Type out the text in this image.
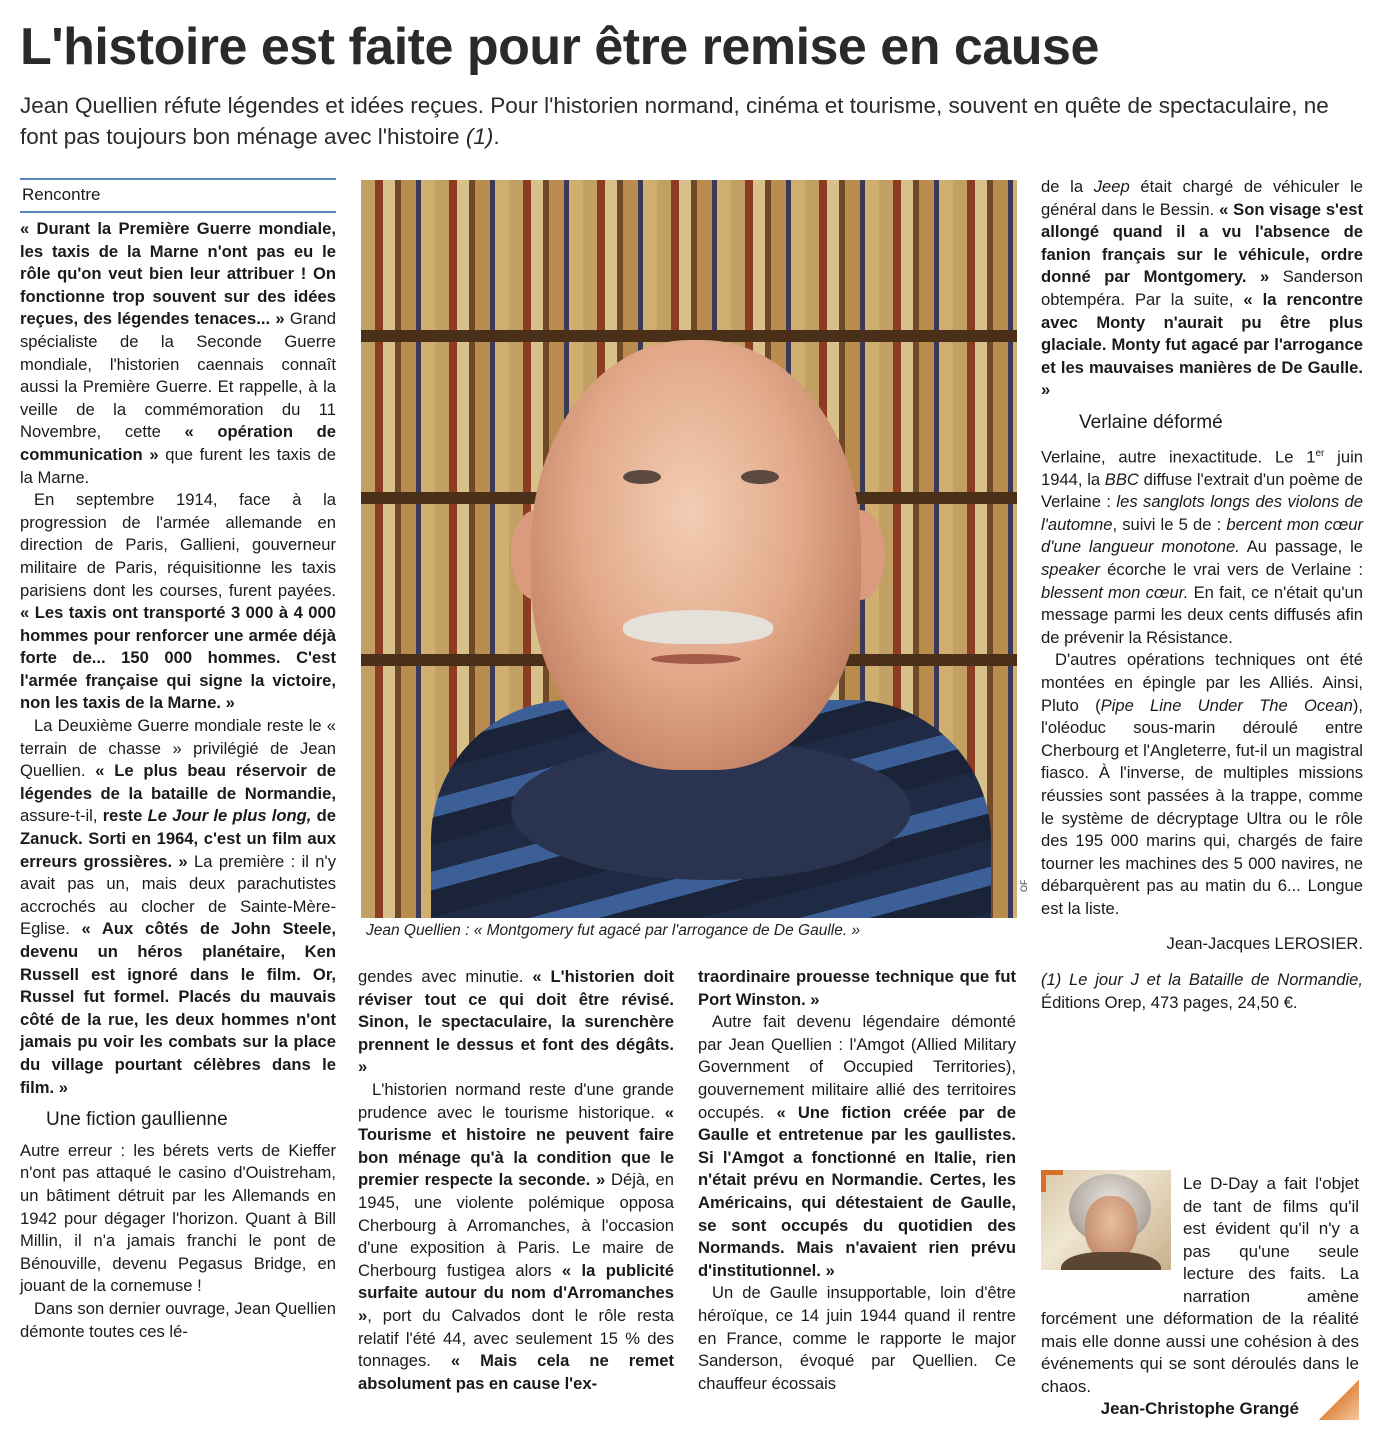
L'histoire est faite pour être remise en cause

Jean Quellien réfute légendes et idées reçues. Pour l'historien normand, cinéma et tourisme, souvent en quête de spectaculaire, ne font pas toujours bon ménage avec l'histoire (1).

Rencontre

« Durant la Première Guerre mondiale, les taxis de la Marne n'ont pas eu le rôle qu'on veut bien leur attribuer ! On fonctionne trop souvent sur des idées reçues, des légendes tenaces... » Grand spécialiste de la Seconde Guerre mondiale, l'historien caennais connaît aussi la Première Guerre. Et rappelle, à la veille de la commémoration du 11 Novembre, cette « opération de communication » que furent les taxis de la Marne.

En septembre 1914, face à la progression de l'armée allemande en direction de Paris, Gallieni, gouverneur militaire de Paris, réquisitionne les taxis parisiens dont les courses, furent payées. « Les taxis ont transporté 3 000 à 4 000 hommes pour renforcer une armée déjà forte de... 150 000 hommes. C'est l'armée française qui signe la victoire, non les taxis de la Marne. »

La Deuxième Guerre mondiale reste le « terrain de chasse » privilégié de Jean Quellien. « Le plus beau réservoir de légendes de la bataille de Normandie, assure-t-il, reste Le Jour le plus long, de Zanuck. Sorti en 1964, c'est un film aux erreurs grossières. » La première : il n'y avait pas un, mais deux parachutistes accrochés au clocher de Sainte-Mère-Eglise. « Aux côtés de John Steele, devenu un héros planétaire, Ken Russell est ignoré dans le film. Or, Russel fut formel. Placés du mauvais côté de la rue, les deux hommes n'ont jamais pu voir les combats sur la place du village pourtant célèbres dans le film. »

Une fiction gaullienne

Autre erreur : les bérets verts de Kieffer n'ont pas attaqué le casino d'Ouistreham, un bâtiment détruit par les Allemands en 1942 pour dégager l'horizon. Quant à Bill Millin, il n'a jamais franchi le pont de Bénouville, devenu Pegasus Bridge, en jouant de la cornemuse !

Dans son dernier ouvrage, Jean Quellien démonte toutes ces lé-

OF

Jean Quellien : « Montgomery fut agacé par l'arrogance de De Gaulle. »

gendes avec minutie. « L'historien doit réviser tout ce qui doit être révisé. Sinon, le spectaculaire, la surenchère prennent le dessus et font des dégâts. »

L'historien normand reste d'une grande prudence avec le tourisme historique. « Tourisme et histoire ne peuvent faire bon ménage qu'à la condition que le premier respecte la seconde. » Déjà, en 1945, une violente polémique opposa Cherbourg à Arromanches, à l'occasion d'une exposition à Paris. Le maire de Cherbourg fustigea alors « la publicité surfaite autour du nom d'Arromanches », port du Calvados dont le rôle resta relatif l'été 44, avec seulement 15 % des tonnages. « Mais cela ne remet absolument pas en cause l'ex-

traordinaire prouesse technique que fut Port Winston. »

Autre fait devenu légendaire démonté par Jean Quellien : l'Amgot (Allied Military Government of Occupied Territories), gouvernement militaire allié des territoires occupés. « Une fiction créée par de Gaulle et entretenue par les gaullistes. Si l'Amgot a fonctionné en Italie, rien n'était prévu en Normandie. Certes, les Américains, qui détestaient de Gaulle, se sont occupés du quotidien des Normands. Mais n'avaient rien prévu d'institutionnel. »

Un de Gaulle insupportable, loin d'être héroïque, ce 14 juin 1944 quand il rentre en France, comme le rapporte le major Sanderson, évoqué par Quellien. Ce chauffeur écossais

de la Jeep était chargé de véhiculer le général dans le Bessin. « Son visage s'est allongé quand il a vu l'absence de fanion français sur le véhicule, ordre donné par Montgomery. » Sanderson obtempéra. Par la suite, « la rencontre avec Monty n'aurait pu être plus glaciale. Monty fut agacé par l'arrogance et les mauvaises manières de De Gaulle. »

Verlaine déformé

Verlaine, autre inexactitude. Le 1er juin 1944, la BBC diffuse l'extrait d'un poème de Verlaine : les sanglots longs des violons de l'automne, suivi le 5 de : bercent mon cœur d'une langueur monotone. Au passage, le speaker écorche le vrai vers de Verlaine : blessent mon cœur. En fait, ce n'était qu'un message parmi les deux cents diffusés afin de prévenir la Résistance.

D'autres opérations techniques ont été montées en épingle par les Alliés. Ainsi, Pluto (Pipe Line Under The Ocean), l'oléoduc sous-marin déroulé entre Cherbourg et l'Angleterre, fut-il un magistral fiasco. À l'inverse, de multiples missions réussies sont passées à la trappe, comme le système de décryptage Ultra ou le rôle des 195 000 marins qui, chargés de faire tourner les machines des 5 000 navires, ne débarquèrent pas au matin du 6... Longue est la liste.

Jean-Jacques LEROSIER.

(1) Le jour J et la Bataille de Normandie, Éditions Orep, 473 pages, 24,50 €.

Le D-Day a fait l'objet de tant de films qu'il est évident qu'il n'y a pas qu'une seule lecture des faits. La narration amène forcément une déformation de la réalité mais elle donne aussi une cohésion à des événements qui se sont déroulés dans le chaos.

Jean-Christophe Grangé
